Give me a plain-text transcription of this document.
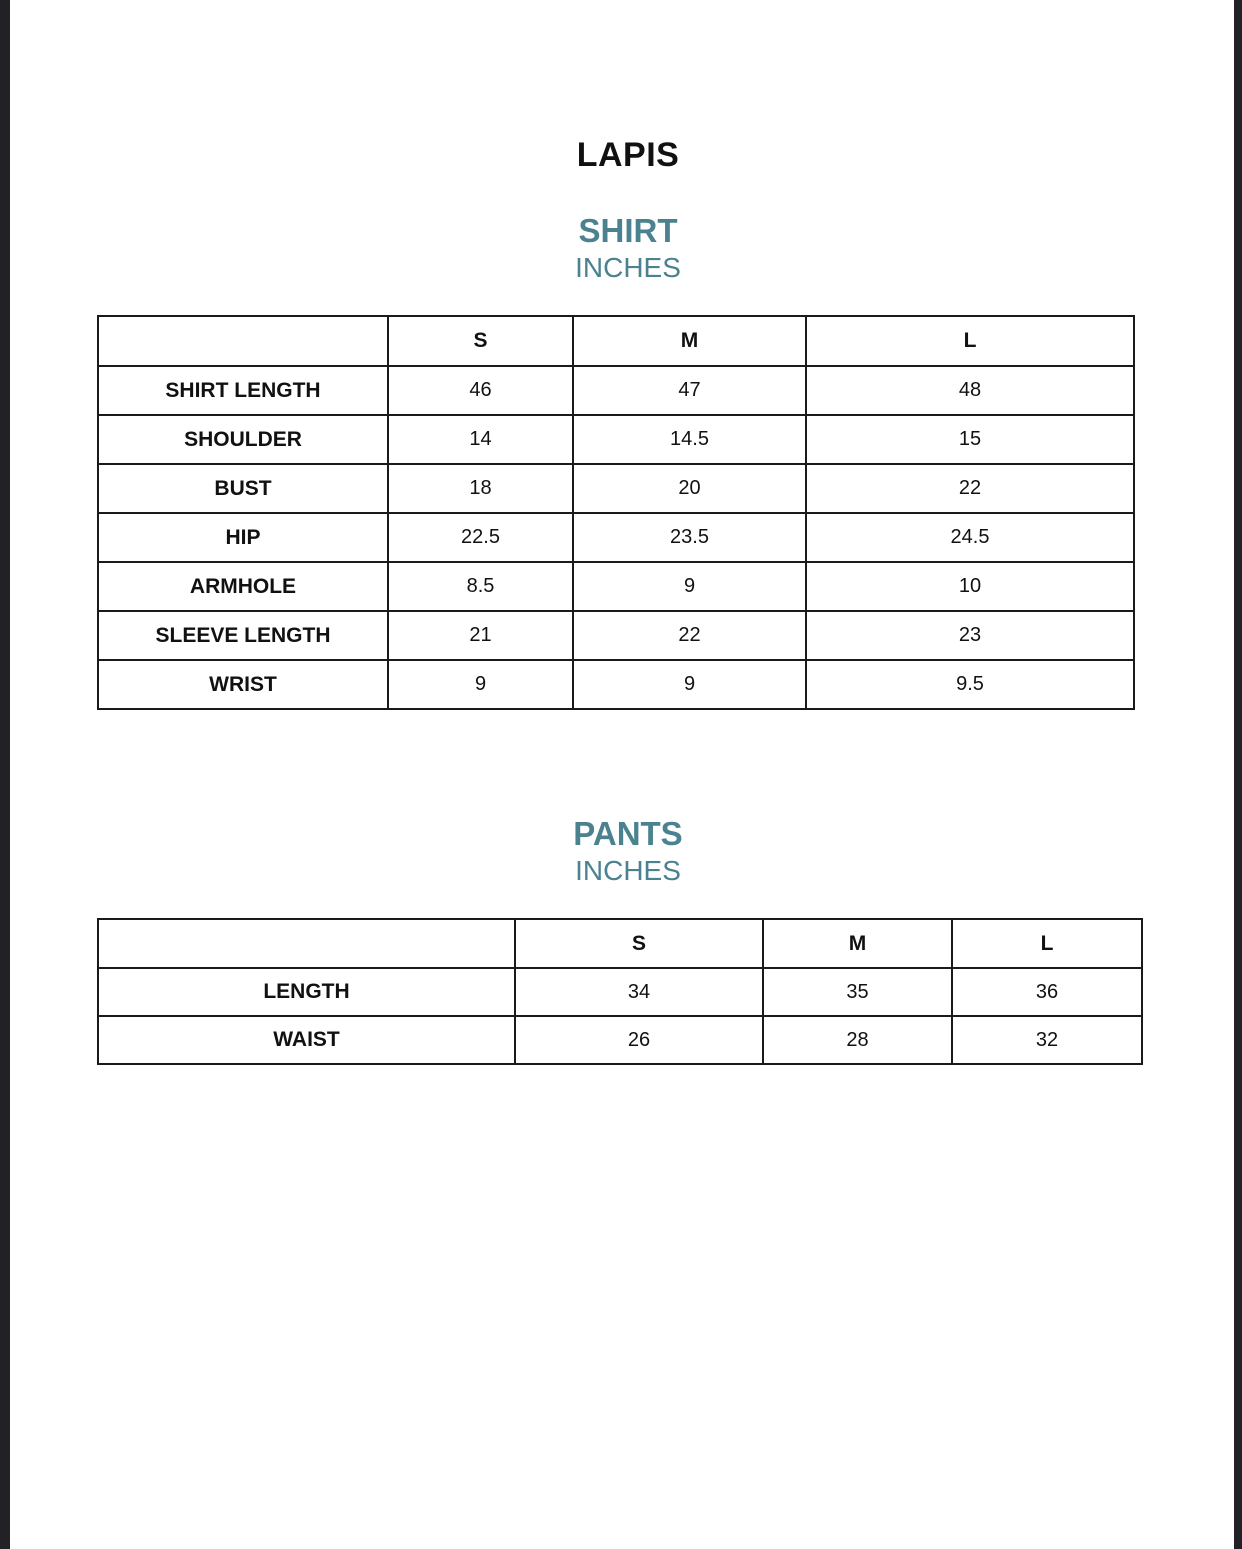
LAPIS
SHIRT
INCHES
	S	M	L
SHIRT LENGTH	46	47	48
SHOULDER	14	14.5	15
BUST	18	20	22
HIP	22.5	23.5	24.5
ARMHOLE	8.5	9	10
SLEEVE LENGTH	21	22	23
WRIST	9	9	9.5
PANTS
INCHES
	S	M	L
LENGTH	34	35	36
WAIST	26	28	32
